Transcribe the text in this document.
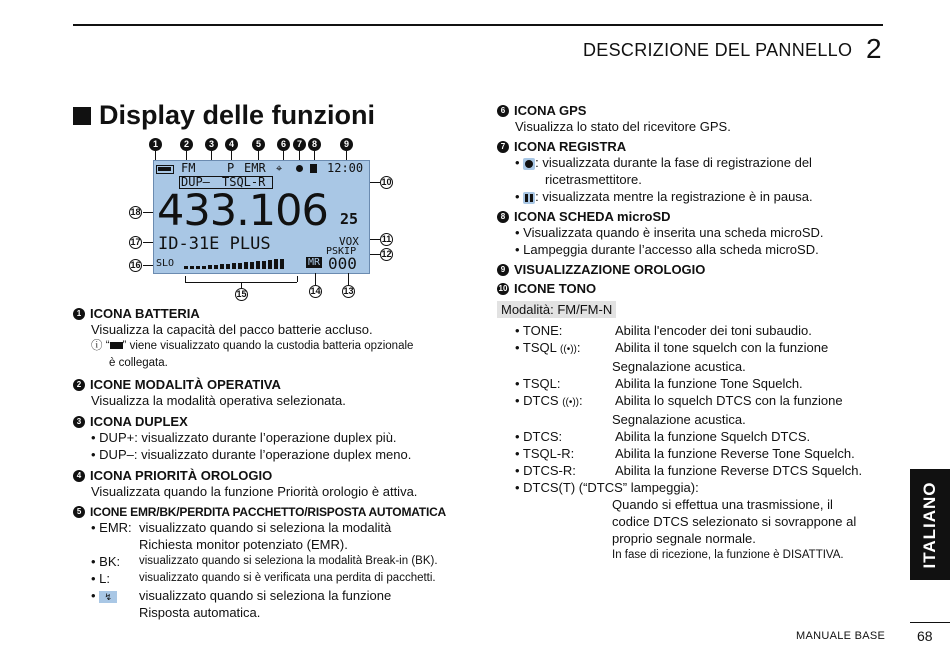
DESCRIZIONE DEL PANNELLO 2
Display delle funzioni
1	2	3	4	5	6	7	8	9
FM	P EMR ⌖	12:00
DUP– TSQL-R
433.106 25
ID-31E PLUS	VOX
PSKIP
SLO	MR 000
10
11
12
18
17
16
15	14	13
1 ICONA BATTERIA
Visualizza la capacità del pacco batterie accluso.
ⓘ “ ” viene visualizzato quando la custodia batteria opzionale
è collegata.
2 ICONE MODALITÀ OPERATIVA
Visualizza la modalità operativa selezionata.
3 ICONA DUPLEX
• DUP+: visualizzato durante l’operazione duplex più.
• DUP–: visualizzato durante l’operazione duplex meno.
4 ICONA PRIORITÀ OROLOGIO
Visualizzata quando la funzione Priorità orologio è attiva.
5 ICONE EMR/BK/PERDITA PACCHETTO/RISPOSTA AUTOMATICA
• EMR: visualizzato quando si seleziona la modalità
Richiesta monitor potenziato (EMR).
• BK:	visualizzato quando si seleziona la modalità Break-in (BK).
• L:	visualizzato quando si è verificata una perdita di pacchetti.
• ↯	visualizzato quando si seleziona la funzione
Risposta automatica.
6 ICONA GPS
Visualizza lo stato del ricevitore GPS.
7 ICONA REGISTRA
•
: visualizzata durante la fase di registrazione del
ricetrasmettitore.
•
: visualizzata mentre la registrazione è in pausa.
8 ICONA SCHEDA microSD
• Visualizzata quando è inserita una scheda microSD.
• Lampeggia durante l’accesso alla scheda microSD.
9 VISUALIZZAZIONE OROLOGIO
10 ICONE TONO
Modalità: FM/FM-N
• TONE:	Abilita l'encoder dei toni subaudio.
• TSQL ((•)):	Abilita il tone squelch con la funzione
Segnalazione acustica.
• TSQL:	Abilita la funzione Tone Squelch.
• DTCS ((•)):	Abilita lo squelch DTCS con la funzione
Segnalazione acustica.
• DTCS:	Abilita la funzione Squelch DTCS.
• TSQL-R:	Abilita la funzione Reverse Tone Squelch.
• DTCS-R:	Abilita la funzione Reverse DTCS Squelch.
• DTCS(T) (“DTCS” lampeggia):
Quando si effettua una trasmissione, il
codice DTCS selezionato si sovrappone al
proprio segnale normale.
In fase di ricezione, la funzione è DISATTIVA.	ITALIANO
MANUALE BASE 68
